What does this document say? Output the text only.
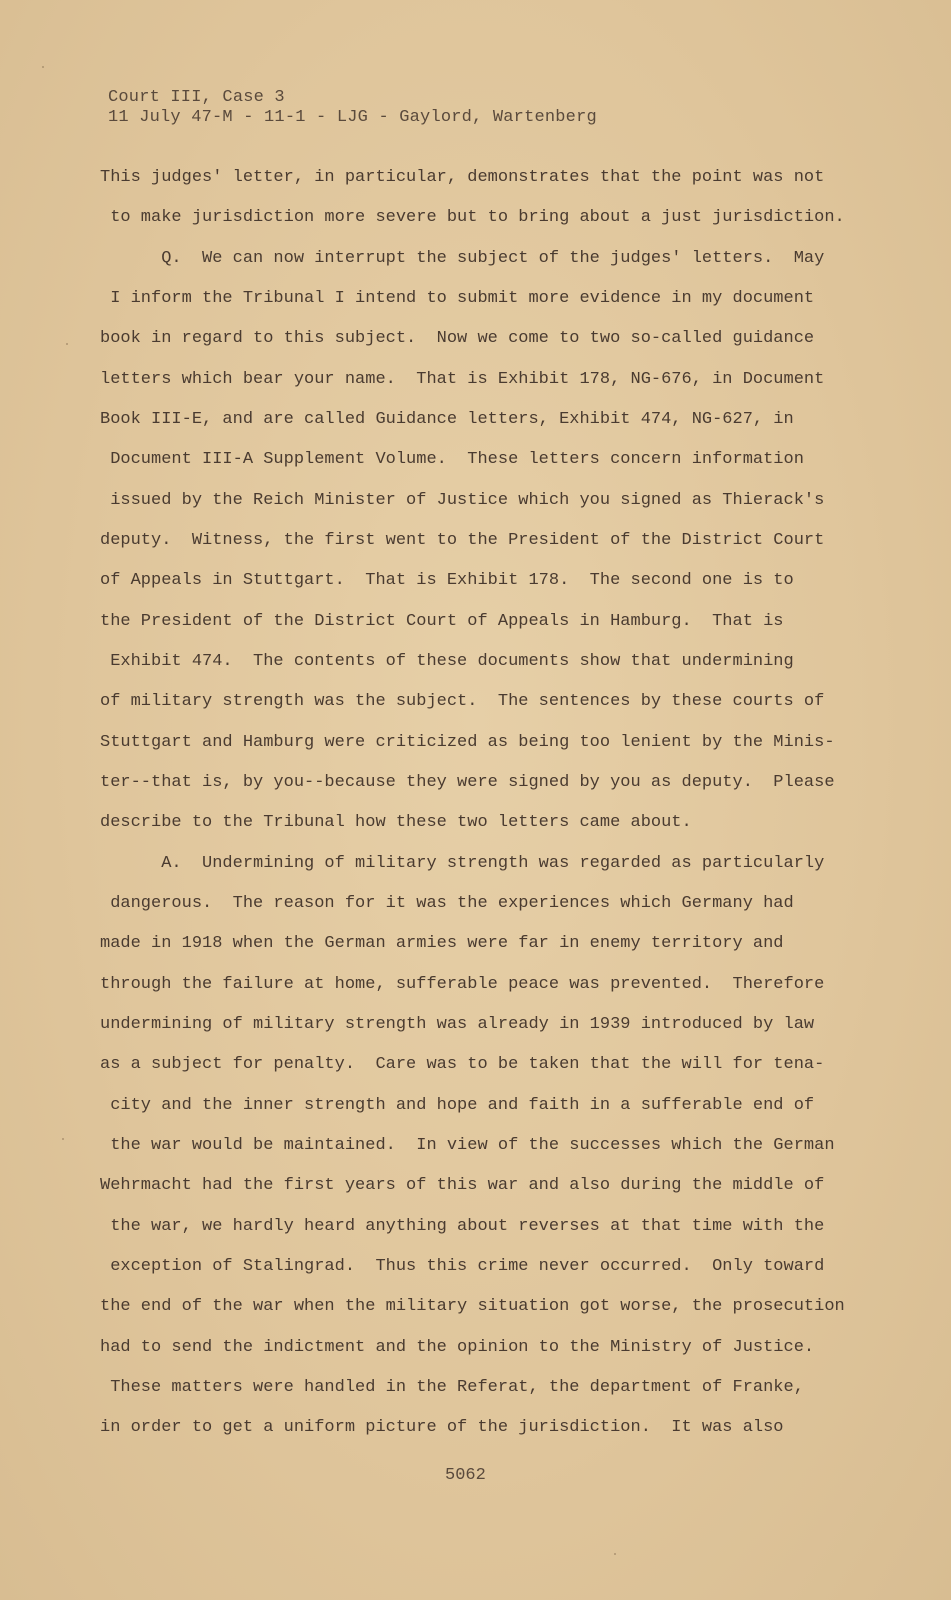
Court III, Case 3
11 July 47-M - 11-1 - LJG - Gaylord, Wartenberg
This judges' letter, in particular, demonstrates that the point was not
to make jurisdiction more severe but to bring about a just jurisdiction.
Q.  We can now interrupt the subject of the judges' letters.  May
I inform the Tribunal I intend to submit more evidence in my document
book in regard to this subject.  Now we come to two so-called guidance
letters which bear your name.  That is Exhibit 178, NG-676, in Document
Book III-E, and are called Guidance letters, Exhibit 474, NG-627, in
Document III-A Supplement Volume.  These letters concern information
issued by the Reich Minister of Justice which you signed as Thierack's
deputy.  Witness, the first went to the President of the District Court
of Appeals in Stuttgart.  That is Exhibit 178.  The second one is to
the President of the District Court of Appeals in Hamburg.  That is
Exhibit 474.  The contents of these documents show that undermining
of military strength was the subject.  The sentences by these courts of
Stuttgart and Hamburg were criticized as being too lenient by the Minis-
ter--that is, by you--because they were signed by you as deputy.  Please
describe to the Tribunal how these two letters came about.
A.  Undermining of military strength was regarded as particularly
dangerous.  The reason for it was the experiences which Germany had
made in 1918 when the German armies were far in enemy territory and
through the failure at home, sufferable peace was prevented.  Therefore
undermining of military strength was already in 1939 introduced by law
as a subject for penalty.  Care was to be taken that the will for tena-
city and the inner strength and hope and faith in a sufferable end of
the war would be maintained.  In view of the successes which the German
Wehrmacht had the first years of this war and also during the middle of
the war, we hardly heard anything about reverses at that time with the
exception of Stalingrad.  Thus this crime never occurred.  Only toward
the end of the war when the military situation got worse, the prosecution
had to send the indictment and the opinion to the Ministry of Justice.
These matters were handled in the Referat, the department of Franke,
in order to get a uniform picture of the jurisdiction.  It was also
5062
